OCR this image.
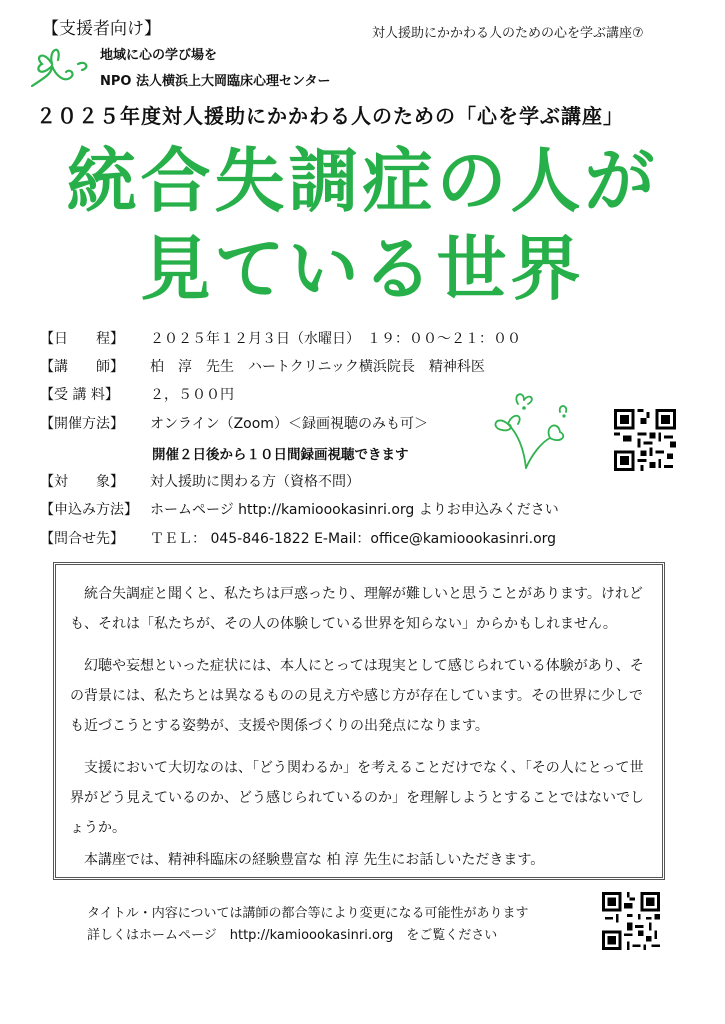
【支援者向け】	対人援助にかかわる人のための心を学ぶ講座⑦
地域に心の学び場を
NPO 法人横浜上大岡臨床心理センター
２０２５年度対人援助にかかわる人のための「心を学ぶ講座」
統合失調症の人が
見ている世界
【日　　程】	２０２５年１２月３日（水曜日）　１９：００～２１：００
【講　　師】	柏　淳　先生　ハートクリニック横浜院長　精神科医
【受 講 料】	２，５００円
【開催方法】	オンライン（Zoom）＜録画視聴のみも可＞
開催２日後から１０日間録画視聴できます
【対　　象】	対人援助に関わる方（資格不問）
【申込み方法】 ホームページ http://kamioookasinri.org よりお申込みください
【問合せ先】	ＴＥＬ： 045-846-1822 E-Mail：office@kamioookasinri.org
　統合失調症と聞くと、私たちは戸惑ったり、理解が難しいと思うことがあります。けれども、それは「私たちが、その人の体験している世界を知らない」からかもしれません。
　幻聴や妄想といった症状には、本人にとっては現実として感じられている体験があり、その背景には、私たちとは異なるものの見え方や感じ方が存在しています。その世界に少しでも近づこうとする姿勢が、支援や関係づくりの出発点になります。
　支援において大切なのは、「どう関わるか」を考えることだけでなく、「その人にとって世界がどう見えているのか、どう感じられているのか」を理解しようとすることではないでしょうか。
　本講座では、精神科臨床の経験豊富な 柏 淳 先生にお話しいただきます。
タイトル・内容については講師の都合等により変更になる可能性があります
詳しくはホームページ　http://kamioookasinri.org　をご覧ください
